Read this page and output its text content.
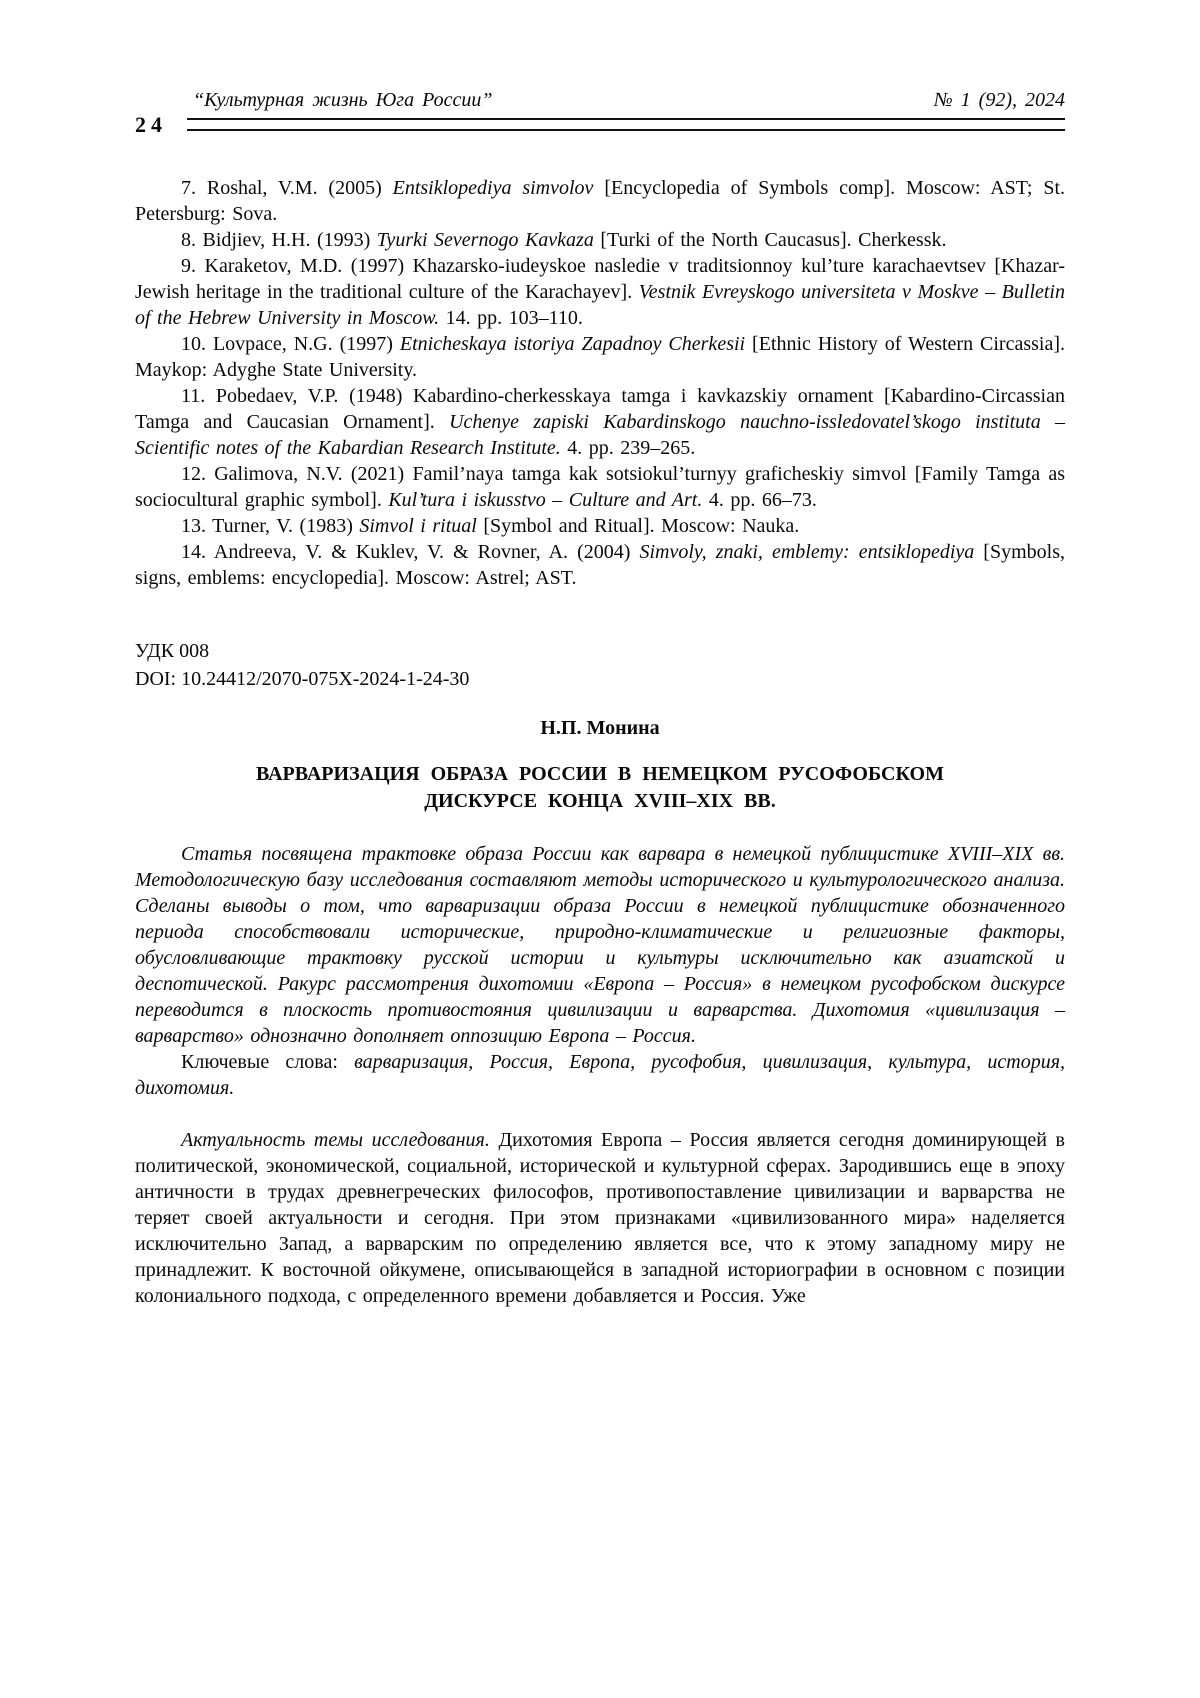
24
“Культурная жизнь Юга России”	№ 1 (92), 2024

7. Roshal, V.M. (2005) Entsiklopediya simvolov [Encyclopedia of Symbols comp]. Moscow: AST; St. Petersburg: Sova.

8. Bidjiev, H.H. (1993) Tyurki Severnogo Kavkaza [Turki of the North Caucasus]. Cherkessk.

9. Karaketov, M.D. (1997) Khazarsko-iudeyskoe nasledie v traditsionnoy kul’ture karachaevtsev [Khazar-Jewish heritage in the traditional culture of the Karachayev]. Vestnik Evreyskogo universiteta v Moskve – Bulletin of the Hebrew University in Moscow. 14. pp. 103–110.

10. Lovpace, N.G. (1997) Etnicheskaya istoriya Zapadnoy Cherkesii [Ethnic History of Western Circassia]. Maykop: Adyghe State University.

11. Pobedaev, V.P. (1948) Kabardino-cherkesskaya tamga i kavkazskiy ornament [Kabardino-Circassian Tamga and Caucasian Ornament]. Uchenye zapiski Kabardinskogo nauchno-issledovatel’skogo instituta – Scientific notes of the Kabardian Research Institute. 4. pp. 239–265.

12. Galimova, N.V. (2021) Famil’naya tamga kak sotsiokul’turnyy graficheskiy simvol [Family Tamga as sociocultural graphic symbol]. Kul’tura i iskusstvo – Culture and Art. 4. pp. 66–73.

13. Turner, V. (1983) Simvol i ritual [Symbol and Ritual]. Moscow: Nauka.

14. Andreeva, V. & Kuklev, V. & Rovner, A. (2004) Simvoly, znaki, emblemy: entsiklopediya [Symbols, signs, emblems: encyclopedia]. Moscow: Astrel; AST.

УДК 008

DOI: 10.24412/2070-075X-2024-1-24-30

Н.П. Монина
ВАРВАРИЗАЦИЯ ОБРАЗА РОССИИ В НЕМЕЦКОМ РУСОФОБСКОМ
ДИСКУРСЕ КОНЦА XVIII–XIX ВВ.

Статья посвящена трактовке образа России как варвара в немецкой публицистике XVIII–XIX вв. Методологическую базу исследования составляют методы исторического и культурологического анализа. Сделаны выводы о том, что варваризации образа России в немецкой публицистике обозначенного периода способствовали исторические, природно-климатические и религиозные факторы, обусловливающие трактовку русской истории и культуры исключительно как азиатской и деспотической. Ракурс рассмотрения дихотомии «Европа – Россия» в немецком русофобском дискурсе переводится в плоскость противостояния цивилизации и варварства. Дихотомия «цивилизация – варварство» однозначно дополняет оппозицию Европа – Россия.

Ключевые слова: варваризация, Россия, Европа, русофобия, цивилизация, культура, история, дихотомия.

Актуальность темы исследования. Дихотомия Европа – Россия является сегодня доминирующей в политической, экономической, социальной, исторической и культурной сферах. Зародившись еще в эпоху античности в трудах древнегреческих философов, противопоставление цивилизации и варварства не теряет своей актуальности и сегодня. При этом признаками «цивилизованного мира» наделяется исключительно Запад, а варварским по определению является все, что к этому западному миру не принадлежит. К восточной ойкумене, описывающейся в западной историографии в основном с позиции колониального подхода, с определенного времени добавляется и Россия. Уже
